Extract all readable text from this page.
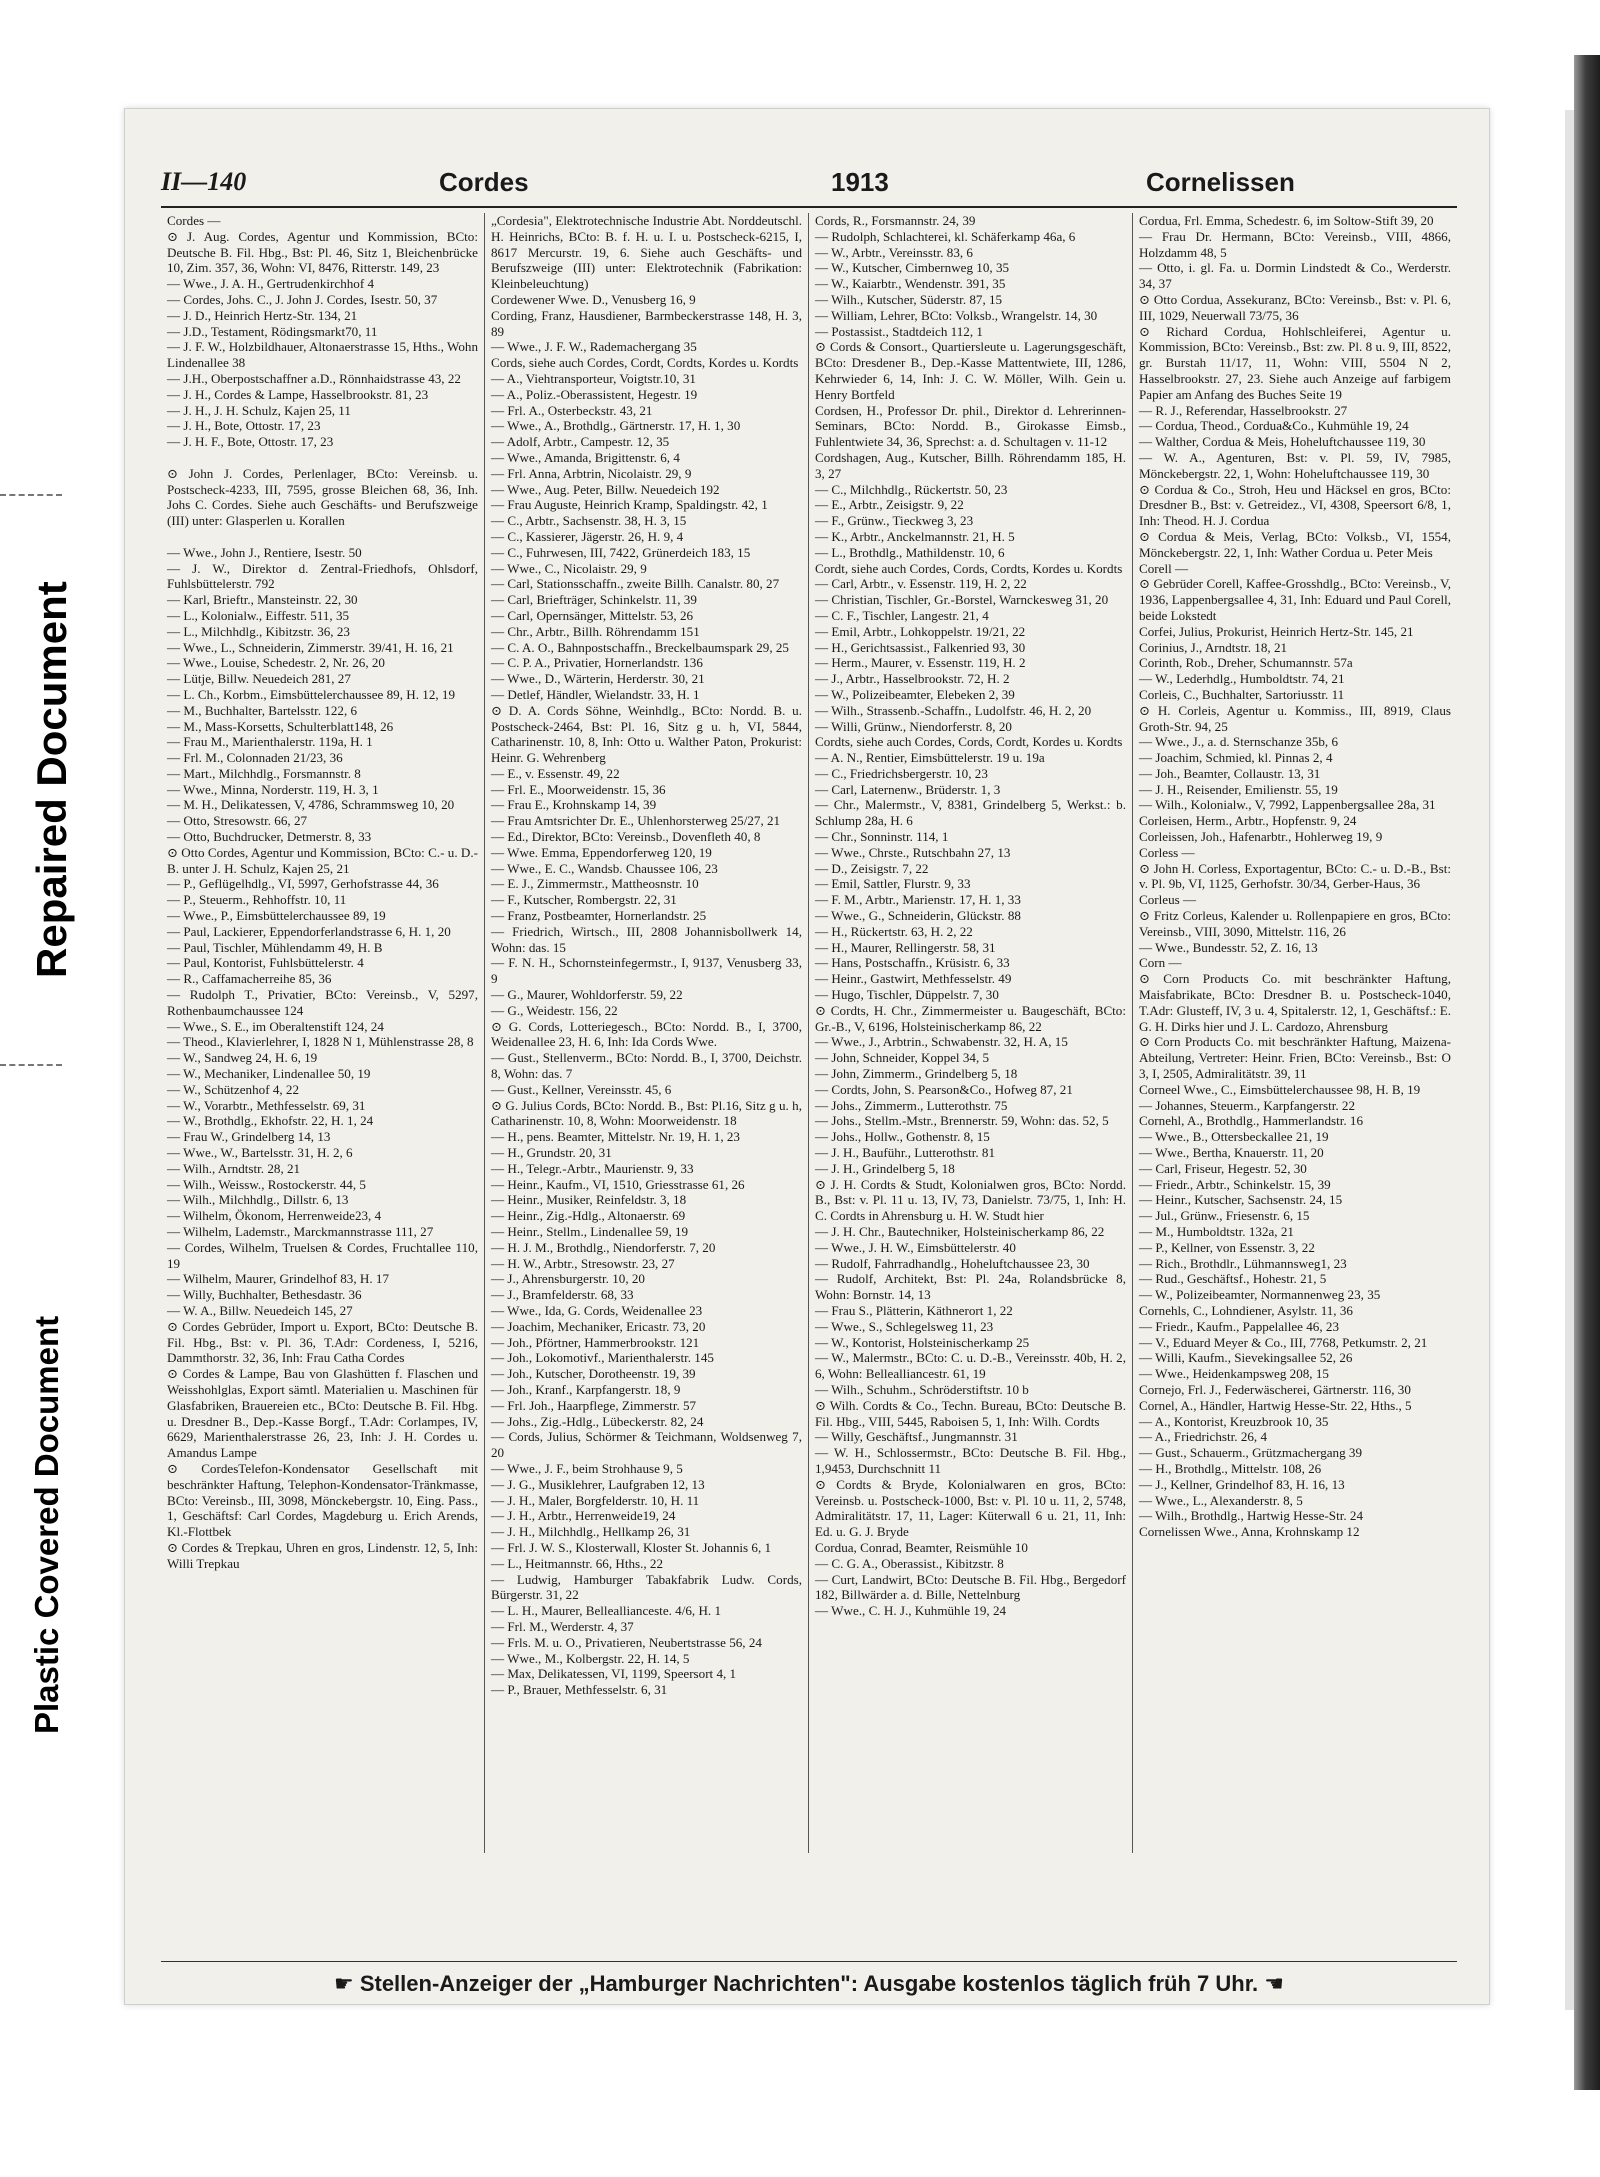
Repaired Document
Plastic Covered Document
II—140	Cordes	1913	Cornelissen
Cordes —
⊙ J. Aug. Cordes, Agentur und Kommission, BCto: Deutsche B. Fil. Hbg., Bst: Pl. 46, Sitz 1, Bleichenbrücke 10, Zim. 357, 36, Wohn: VI, 8476, Ritterstr. 149, 23
— Wwe., J. A. H., Gertrudenkirchhof 4
— Cordes, Johs. C., J. John J. Cordes, Isestr. 50, 37
— J. D., Heinrich Hertz-Str. 134, 21
— J.D., Testament, Rödingsmarkt70, 11
— J. F. W., Holzbildhauer, Altonaerstrasse 15, Hths., Wohn Lindenallee 38
— J.H., Oberpostschaffner a.D., Rönnhaidstrasse 43, 22
— J. H., Cordes & Lampe, Hasselbrookstr. 81, 23
— J. H., J. H. Schulz, Kajen 25, 11
— J. H., Bote, Ottostr. 17, 23
— J. H. F., Bote, Ottostr. 17, 23

⊙ John J. Cordes, Perlenlager, BCto: Vereinsb. u. Postscheck-4233, III, 7595, grosse Bleichen 68, 36, Inh. Johs C. Cordes. Siehe auch Geschäfts- und Berufszweige (III) unter: Glasperlen u. Korallen

— Wwe., John J., Rentiere, Isestr. 50
— J. W., Direktor d. Zentral-Friedhofs, Ohlsdorf, Fuhlsbüttelerstr. 792
— Karl, Brieftr., Mansteinstr. 22, 30
— L., Kolonialw., Eiffestr. 511, 35
— L., Milchhdlg., Kibitzstr. 36, 23
— Wwe., L., Schneiderin, Zimmerstr. 39/41, H. 16, 21
— Wwe., Louise, Schedestr. 2, Nr. 26, 20
— Lütje, Billw. Neuedeich 281, 27
— L. Ch., Korbm., Eimsbüttelerchaussee 89, H. 12, 19
— M., Buchhalter, Bartelsstr. 122, 6
— M., Mass-Korsetts, Schulterblatt148, 26
— Frau M., Marienthalerstr. 119a, H. 1
— Frl. M., Colonnaden 21/23, 36
— Mart., Milchhdlg., Forsmannstr. 8
— Wwe., Minna, Norderstr. 119, H. 3, 1
— M. H., Delikatessen, V, 4786, Schrammsweg 10, 20
— Otto, Stresowstr. 66, 27
— Otto, Buchdrucker, Detmerstr. 8, 33
⊙ Otto Cordes, Agentur und Kommission, BCto: C.- u. D.-B. unter J. H. Schulz, Kajen 25, 21
— P., Geflügelhdlg., VI, 5997, Gerhofstrasse 44, 36
— P., Steuerm., Rehhoffstr. 10, 11
— Wwe., P., Eimsbüttelerchaussee 89, 19
— Paul, Lackierer, Eppendorferlandstrasse 6, H. 1, 20
— Paul, Tischler, Mühlendamm 49, H. B
— Paul, Kontorist, Fuhlsbüttelerstr. 4
— R., Caffamacherreihe 85, 36
— Rudolph T., Privatier, BCto: Vereinsb., V, 5297, Rothenbaumchaussee 124
— Wwe., S. E., im Oberaltenstift 124, 24
— Theod., Klavierlehrer, I, 1828 N 1, Mühlenstrasse 28, 8
— W., Sandweg 24, H. 6, 19
— W., Mechaniker, Lindenallee 50, 19
— W., Schützenhof 4, 22
— W., Vorarbtr., Methfesselstr. 69, 31
— W., Brothdlg., Ekhofstr. 22, H. 1, 24
— Frau W., Grindelberg 14, 13
— Wwe., W., Bartelsstr. 31, H. 2, 6
— Wilh., Arndtstr. 28, 21
— Wilh., Weissw., Rostockerstr. 44, 5
— Wilh., Milchhdlg., Dillstr. 6, 13
— Wilhelm, Ökonom, Herrenweide23, 4
— Wilhelm, Lademstr., Marckmannstrasse 111, 27
— Cordes, Wilhelm, Truelsen & Cordes, Fruchtallee 110, 19
— Wilhelm, Maurer, Grindelhof 83, H. 17
— Willy, Buchhalter, Bethesdastr. 36
— W. A., Billw. Neuedeich 145, 27
⊙ Cordes Gebrüder, Import u. Export, BCto: Deutsche B. Fil. Hbg., Bst: v. Pl. 36, T.Adr: Cordeness, I, 5216, Dammthorstr. 32, 36, Inh: Frau Catha Cordes
⊙ Cordes & Lampe, Bau von Glashütten f. Flaschen und Weisshohlglas, Export sämtl. Materialien u. Maschinen für Glasfabriken, Brauereien etc., BCto: Deutsche B. Fil. Hbg. u. Dresdner B., Dep.-Kasse Borgf., T.Adr: Corlampes, IV, 6629, Marienthalerstrasse 26, 23, Inh: J. H. Cordes u. Amandus Lampe
⊙ CordesTelefon-Kondensator Gesellschaft mit beschränkter Haftung, Telephon-Kondensator-Tränkmasse, BCto: Vereinsb., III, 3098, Mönckebergstr. 10, Eing. Pass., 1, Geschäftsf: Carl Cordes, Magdeburg u. Erich Arends, Kl.-Flottbek
⊙ Cordes & Trepkau, Uhren en gros, Lindenstr. 12, 5, Inh: Willi Trepkau
„Cordesia", Elektrotechnische Industrie Abt. Norddeutschl. H. Heinrichs, BCto: B. f. H. u. I. u. Postscheck-6215, I, 8617 Mercurstr. 19, 6. Siehe auch Geschäfts- und Berufszweige (III) unter: Elektrotechnik (Fabrikation: Kleinbeleuchtung)
Cordewener Wwe. D., Venusberg 16, 9
Cording, Franz, Hausdiener, Barmbeckerstrasse 148, H. 3, 89
— Wwe., J. F. W., Rademachergang 35
Cords, siehe auch Cordes, Cordt, Cordts, Kordes u. Kordts
— A., Viehtransporteur, Voigtstr.10, 31
— A., Poliz.-Oberassistent, Hegestr. 19
— Frl. A., Osterbeckstr. 43, 21
— Wwe., A., Brothdlg., Gärtnerstr. 17, H. 1, 30
— Adolf, Arbtr., Campestr. 12, 35
— Wwe., Amanda, Brigittenstr. 6, 4
— Frl. Anna, Arbtrin, Nicolaistr. 29, 9
— Wwe., Aug. Peter, Billw. Neuedeich 192
— Frau Auguste, Heinrich Kramp, Spaldingstr. 42, 1
— C., Arbtr., Sachsenstr. 38, H. 3, 15
— C., Kassierer, Jägerstr. 26, H. 9, 4
— C., Fuhrwesen, III, 7422, Grünerdeich 183, 15
— Wwe., C., Nicolaistr. 29, 9
— Carl, Stationsschaffn., zweite Billh. Canalstr. 80, 27
— Carl, Briefträger, Schinkelstr. 11, 39
— Carl, Opernsänger, Mittelstr. 53, 26
— Chr., Arbtr., Billh. Röhrendamm 151
— C. A. O., Bahnpostschaffn., Breckelbaumspark 29, 25
— C. P. A., Privatier, Hornerlandstr. 136
— Wwe., D., Wärterin, Herderstr. 30, 21
— Detlef, Händler, Wielandstr. 33, H. 1
⊙ D. A. Cords Söhne, Weinhdlg., BCto: Nordd. B. u. Postscheck-2464, Bst: Pl. 16, Sitz g u. h, VI, 5844, Catharinenstr. 10, 8, Inh: Otto u. Walther Paton, Prokurist: Heinr. G. Wehrenberg
— E., v. Essenstr. 49, 22
— Frl. E., Moorweidenstr. 15, 36
— Frau E., Krohnskamp 14, 39
— Frau Amtsrichter Dr. E., Uhlenhorsterweg 25/27, 21
— Ed., Direktor, BCto: Vereinsb., Dovenfleth 40, 8
— Wwe. Emma, Eppendorferweg 120, 19
— Wwe., E. C., Wandsb. Chaussee 106, 23
— E. J., Zimmermstr., Mattheosnstr. 10
— F., Kutscher, Rombergstr. 22, 31
— Franz, Postbeamter, Hornerlandstr. 25
— Friedrich, Wirtsch., III, 2808 Johannisbollwerk 14, Wohn: das. 15
— F. N. H., Schornsteinfegermstr., I, 9137, Venusberg 33, 9
— G., Maurer, Wohldorferstr. 59, 22
— G., Weidestr. 156, 22
⊙ G. Cords, Lotteriegesch., BCto: Nordd. B., I, 3700, Weidenallee 23, H. 6, Inh: Ida Cords Wwe.
— Gust., Stellenverm., BCto: Nordd. B., I, 3700, Deichstr. 8, Wohn: das. 7
— Gust., Kellner, Vereinsstr. 45, 6
⊙ G. Julius Cords, BCto: Nordd. B., Bst: Pl.16, Sitz g u. h, Catharinenstr. 10, 8, Wohn: Moorweidenstr. 18
— H., pens. Beamter, Mittelstr. Nr. 19, H. 1, 23
— H., Grundstr. 20, 31
— H., Telegr.-Arbtr., Maurienstr. 9, 33
— Heinr., Kaufm., VI, 1510, Griesstrasse 61, 26
— Heinr., Musiker, Reinfeldstr. 3, 18
— Heinr., Zig.-Hdlg., Altonaerstr. 69
— Heinr., Stellm., Lindenallee 59, 19
— H. J. M., Brothdlg., Niendorferstr. 7, 20
— H. W., Arbtr., Stresowstr. 23, 27
— J., Ahrensburgerstr. 10, 20
— J., Bramfelderstr. 68, 33
— Wwe., Ida, G. Cords, Weidenallee 23
— Joachim, Mechaniker, Ericastr. 73, 20
— Joh., Pförtner, Hammerbrookstr. 121
— Joh., Lokomotivf., Marienthalerstr. 145
— Joh., Kutscher, Dorotheenstr. 19, 39
— Joh., Kranf., Karpfangerstr. 18, 9
— Frl. Joh., Haarpflege, Zimmerstr. 57
— Johs., Zig.-Hdlg., Lübeckerstr. 82, 24
— Cords, Julius, Schörmer & Teichmann, Woldsenweg 7, 20
— Wwe., J. F., beim Strohhause 9, 5
— J. G., Musiklehrer, Laufgraben 12, 13
— J. H., Maler, Borgfelderstr. 10, H. 11
— J. H., Arbtr., Herrenweide19, 24
— J. H., Milchhdlg., Hellkamp 26, 31
— Frl. J. W. S., Klosterwall, Kloster St. Johannis 6, 1
— L., Heitmannstr. 66, Hths., 22
— Ludwig, Hamburger Tabakfabrik Ludw. Cords, Bürgerstr. 31, 22
— L. H., Maurer, Belleallianceste. 4/6, H. 1
— Frl. M., Werderstr. 4, 37
— Frls. M. u. O., Privatieren, Neubertstrasse 56, 24
— Wwe., M., Kolbergstr. 22, H. 14, 5
— Max, Delikatessen, VI, 1199, Speersort 4, 1
— P., Brauer, Methfesselstr. 6, 31
Cords, R., Forsmannstr. 24, 39
— Rudolph, Schlachterei, kl. Schäferkamp 46a, 6
— W., Arbtr., Vereinsstr. 83, 6
— W., Kutscher, Cimbernweg 10, 35
— W., Kaiarbtr., Wendenstr. 391, 35
— Wilh., Kutscher, Süderstr. 87, 15
— William, Lehrer, BCto: Volksb., Wrangelstr. 14, 30
— Postassist., Stadtdeich 112, 1
⊙ Cords & Consort., Quartiersleute u. Lagerungsgeschäft, BCto: Dresdener B., Dep.-Kasse Mattentwiete, III, 1286, Kehrwieder 6, 14, Inh: J. C. W. Möller, Wilh. Gein u. Henry Bortfeld
Cordsen, H., Professor Dr. phil., Direktor d. Lehrerinnen-Seminars, BCto: Nordd. B., Girokasse Eimsb., Fuhlentwiete 34, 36, Sprechst: a. d. Schultagen v. 11-12
Cordshagen, Aug., Kutscher, Billh. Röhrendamm 185, H. 3, 27
— C., Milchhdlg., Rückertstr. 50, 23
— E., Arbtr., Zeisigstr. 9, 22
— F., Grünw., Tieckweg 3, 23
— K., Arbtr., Anckelmannstr. 21, H. 5
— L., Brothdlg., Mathildenstr. 10, 6
Cordt, siehe auch Cordes, Cords, Cordts, Kordes u. Kordts
— Carl, Arbtr., v. Essenstr. 119, H. 2, 22
— Christian, Tischler, Gr.-Borstel, Warnckesweg 31, 20
— C. F., Tischler, Langestr. 21, 4
— Emil, Arbtr., Lohkoppelstr. 19/21, 22
— H., Gerichtsassist., Falkenried 93, 30
— Herm., Maurer, v. Essenstr. 119, H. 2
— J., Arbtr., Hasselbrookstr. 72, H. 2
— W., Polizeibeamter, Elebeken 2, 39
— Wilh., Strassenb.-Schaffn., Ludolfstr. 46, H. 2, 20
— Willi, Grünw., Niendorferstr. 8, 20
Cordts, siehe auch Cordes, Cords, Cordt, Kordes u. Kordts
— A. N., Rentier, Eimsbüttelerstr. 19 u. 19a
— C., Friedrichsbergerstr. 10, 23
— Carl, Laternenw., Brüderstr. 1, 3
— Chr., Malermstr., V, 8381, Grindelberg 5, Werkst.: b. Schlump 28a, H. 6
— Chr., Sonninstr. 114, 1
— Wwe., Chrste., Rutschbahn 27, 13
— D., Zeisigstr. 7, 22
— Emil, Sattler, Flurstr. 9, 33
— F. M., Arbtr., Marienstr. 17, H. 1, 33
— Wwe., G., Schneiderin, Glückstr. 88
— H., Rückertstr. 63, H. 2, 22
— H., Maurer, Rellingerstr. 58, 31
— Hans, Postschaffn., Krüsistr. 6, 33
— Heinr., Gastwirt, Methfesselstr. 49
— Hugo, Tischler, Düppelstr. 7, 30
⊙ Cordts, H. Chr., Zimmermeister u. Baugeschäft, BCto: Gr.-B., V, 6196, Holsteinischerkamp 86, 22
— Wwe., J., Arbtrin., Schwabenstr. 32, H. A, 15
— John, Schneider, Koppel 34, 5
— John, Zimmerm., Grindelberg 5, 18
— Cordts, John, S. Pearson&Co., Hofweg 87, 21
— Johs., Zimmerm., Lutterothstr. 75
— Johs., Stellm.-Mstr., Brennerstr. 59, Wohn: das. 52, 5
— Johs., Hollw., Gothenstr. 8, 15
— J. H., Bauführ., Lutterothstr. 81
— J. H., Grindelberg 5, 18
⊙ J. H. Cordts & Studt, Kolonialwen gros, BCto: Nordd. B., Bst: v. Pl. 11 u. 13, IV, 73, Danielstr. 73/75, 1, Inh: H. C. Cordts in Ahrensburg u. H. W. Studt hier
— J. H. Chr., Bautechniker, Holsteinischerkamp 86, 22
— Wwe., J. H. W., Eimsbüttelerstr. 40
— Rudolf, Fahrradhandlg., Hoheluftchaussee 23, 30
— Rudolf, Architekt, Bst: Pl. 24a, Rolandsbrücke 8, Wohn: Bornstr. 14, 13
— Frau S., Plätterin, Käthnerort 1, 22
— Wwe., S., Schlegelsweg 11, 23
— W., Kontorist, Holsteinischerkamp 25
— W., Malermstr., BCto: C. u. D.-B., Vereinsstr. 40b, H. 2, 6, Wohn: Bellealliancestr. 61, 19
— Wilh., Schuhm., Schröderstiftstr. 10 b
⊙ Wilh. Cordts & Co., Techn. Bureau, BCto: Deutsche B. Fil. Hbg., VIII, 5445, Raboisen 5, 1, Inh: Wilh. Cordts
— Willy, Geschäftsf., Jungmannstr. 31
— W. H., Schlossermstr., BCto: Deutsche B. Fil. Hbg., 1,9453, Durchschnitt 11
⊙ Cordts & Bryde, Kolonialwaren en gros, BCto: Vereinsb. u. Postscheck-1000, Bst: v. Pl. 10 u. 11, 2, 5748, Admiralitätstr. 17, 11, Lager: Küterwall 6 u. 21, 11, Inh: Ed. u. G. J. Bryde
Cordua, Conrad, Beamter, Reismühle 10
— C. G. A., Oberassist., Kibitzstr. 8
— Curt, Landwirt, BCto: Deutsche B. Fil. Hbg., Bergedorf 182, Billwärder a. d. Bille, Nettelnburg
— Wwe., C. H. J., Kuhmühle 19, 24
Cordua, Frl. Emma, Schedestr. 6, im Soltow-Stift 39, 20
— Frau Dr. Hermann, BCto: Vereinsb., VIII, 4866, Holzdamm 48, 5
— Otto, i. gl. Fa. u. Dormin Lindstedt & Co., Werderstr. 34, 37
⊙ Otto Cordua, Assekuranz, BCto: Vereinsb., Bst: v. Pl. 6, III, 1029, Neuerwall 73/75, 36
⊙ Richard Cordua, Hohlschleiferei, Agentur u. Kommission, BCto: Vereinsb., Bst: zw. Pl. 8 u. 9, III, 8522, gr. Burstah 11/17, 11, Wohn: VIII, 5504 N 2, Hasselbrookstr. 27, 23. Siehe auch Anzeige auf farbigem Papier am Anfang des Buches Seite 19
— R. J., Referendar, Hasselbrookstr. 27
— Cordua, Theod., Cordua&Co., Kuhmühle 19, 24
— Walther, Cordua & Meis, Hoheluftchaussee 119, 30
— W. A., Agenturen, Bst: v. Pl. 59, IV, 7985, Mönckebergstr. 22, 1, Wohn: Hoheluftchaussee 119, 30
⊙ Cordua & Co., Stroh, Heu und Häcksel en gros, BCto: Dresdner B., Bst: v. Getreidez., VI, 4308, Speersort 6/8, 1, Inh: Theod. H. J. Cordua
⊙ Cordua & Meis, Verlag, BCto: Volksb., VI, 1554, Mönckebergstr. 22, 1, Inh: Wather Cordua u. Peter Meis
Corell —
⊙ Gebrüder Corell, Kaffee-Grosshdlg., BCto: Vereinsb., V, 1936, Lappenbergsallee 4, 31, Inh: Eduard und Paul Corell, beide Lokstedt
Corfei, Julius, Prokurist, Heinrich Hertz-Str. 145, 21
Corinius, J., Arndtstr. 18, 21
Corinth, Rob., Dreher, Schumannstr. 57a
— W., Lederhdlg., Humboldtstr. 74, 21
Corleis, C., Buchhalter, Sartoriusstr. 11
⊙ H. Corleis, Agentur u. Kommiss., III, 8919, Claus Groth-Str. 94, 25
— Wwe., J., a. d. Sternschanze 35b, 6
— Joachim, Schmied, kl. Pinnas 2, 4
— Joh., Beamter, Collaustr. 13, 31
— J. H., Reisender, Emilienstr. 55, 19
— Wilh., Kolonialw., V, 7992, Lappenbergsallee 28a, 31
Corleisen, Herm., Arbtr., Hopfenstr. 9, 24
Corleissen, Joh., Hafenarbtr., Hohlerweg 19, 9
Corless —
⊙ John H. Corless, Exportagentur, BCto: C.- u. D.-B., Bst: v. Pl. 9b, VI, 1125, Gerhofstr. 30/34, Gerber-Haus, 36
Corleus —
⊙ Fritz Corleus, Kalender u. Rollenpapiere en gros, BCto: Vereinsb., VIII, 3090, Mittelstr. 116, 26
— Wwe., Bundesstr. 52, Z. 16, 13
Corn —
⊙ Corn Products Co. mit beschränkter Haftung, Maisfabrikate, BCto: Dresdner B. u. Postscheck-1040, T.Adr: Glusteff, IV, 3 u. 4, Spitalerstr. 12, 1, Geschäftsf.: E. G. H. Dirks hier und J. L. Cardozo, Ahrensburg
⊙ Corn Products Co. mit beschränkter Haftung, Maizena-Abteilung, Vertreter: Heinr. Frien, BCto: Vereinsb., Bst: O 3, I, 2505, Admiralitätstr. 39, 11
Corneel Wwe., C., Eimsbüttelerchaussee 98, H. B, 19
— Johannes, Steuerm., Karpfangerstr. 22
Cornehl, A., Brothdlg., Hammerlandstr. 16
— Wwe., B., Ottersbeckallee 21, 19
— Wwe., Bertha, Knauerstr. 11, 20
— Carl, Friseur, Hegestr. 52, 30
— Friedr., Arbtr., Schinkelstr. 15, 39
— Heinr., Kutscher, Sachsenstr. 24, 15
— Jul., Grünw., Friesenstr. 6, 15
— M., Humboldtstr. 132a, 21
— P., Kellner, von Essenstr. 3, 22
— Rich., Brothdlr., Lühmannsweg1, 23
— Rud., Geschäftsf., Hohestr. 21, 5
— W., Polizeibeamter, Normannenweg 23, 35
Cornehls, C., Lohndiener, Asylstr. 11, 36
— Friedr., Kaufm., Pappelallee 46, 23
— V., Eduard Meyer & Co., III, 7768, Petkumstr. 2, 21
— Willi, Kaufm., Sievekingsallee 52, 26
— Wwe., Heidenkampsweg 208, 15
Cornejo, Frl. J., Federwäscherei, Gärtnerstr. 116, 30
Cornel, A., Händler, Hartwig Hesse-Str. 22, Hths., 5
— A., Kontorist, Kreuzbrook 10, 35
— A., Friedrichstr. 26, 4
— Gust., Schauerm., Grützmachergang 39
— H., Brothdlg., Mittelstr. 108, 26
— J., Kellner, Grindelhof 83, H. 16, 13
— Wwe., L., Alexanderstr. 8, 5
— Wilh., Brothdlg., Hartwig Hesse-Str. 24
Cornelissen Wwe., Anna, Krohnskamp 12
☛ Stellen-Anzeiger der „Hamburger Nachrichten": Ausgabe kostenlos täglich früh 7 Uhr. ☚
